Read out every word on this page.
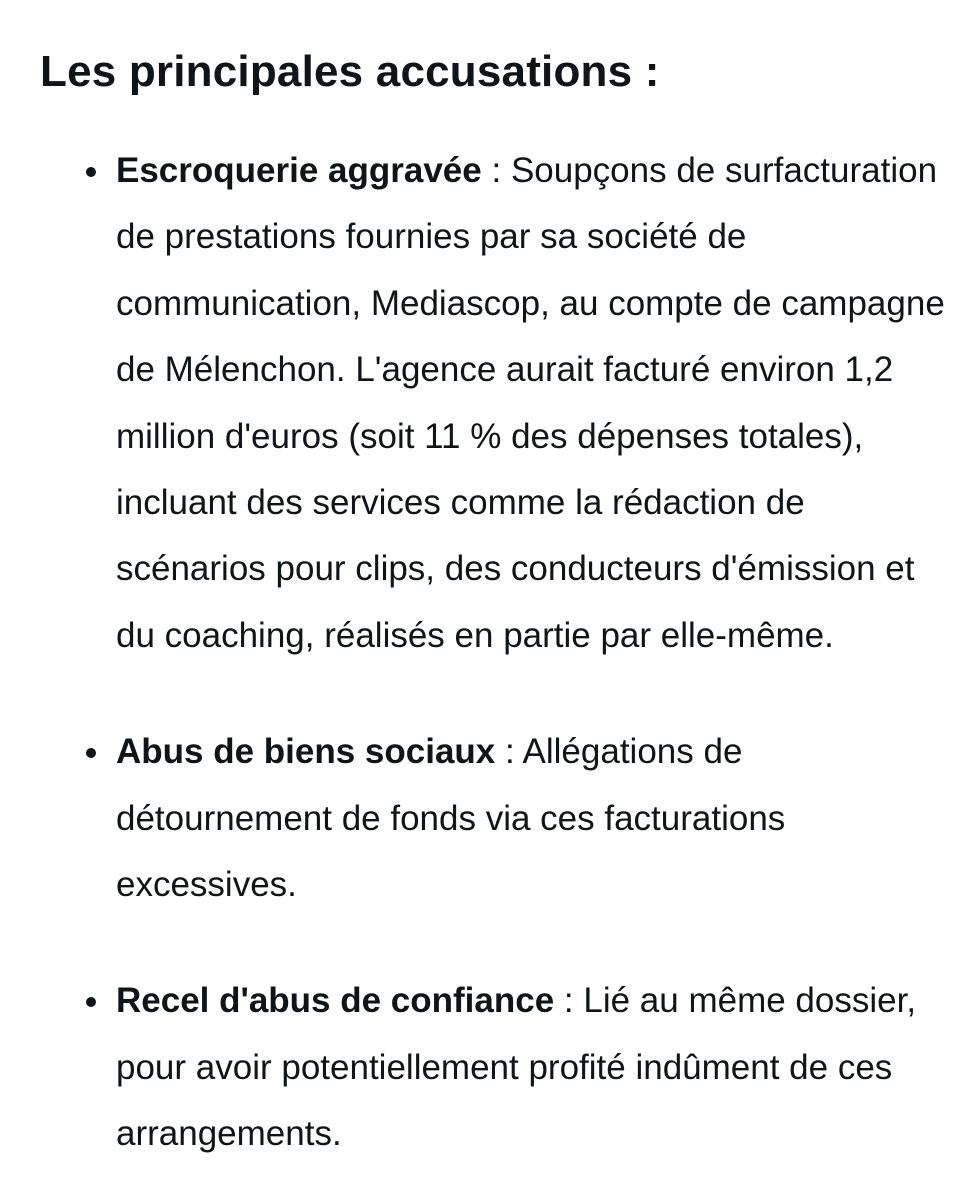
Les principales accusations :
Escroquerie aggravée : Soupçons de surfacturation de prestations fournies par sa société de communication, Mediascop, au compte de campagne de Mélenchon. L'agence aurait facturé environ 1,2 million d'euros (soit 11 % des dépenses totales), incluant des services comme la rédaction de scénarios pour clips, des conducteurs d'émission et du coaching, réalisés en partie par elle-même.
Abus de biens sociaux : Allégations de détournement de fonds via ces facturations excessives.
Recel d'abus de confiance : Lié au même dossier, pour avoir potentiellement profité indûment de ces arrangements.
